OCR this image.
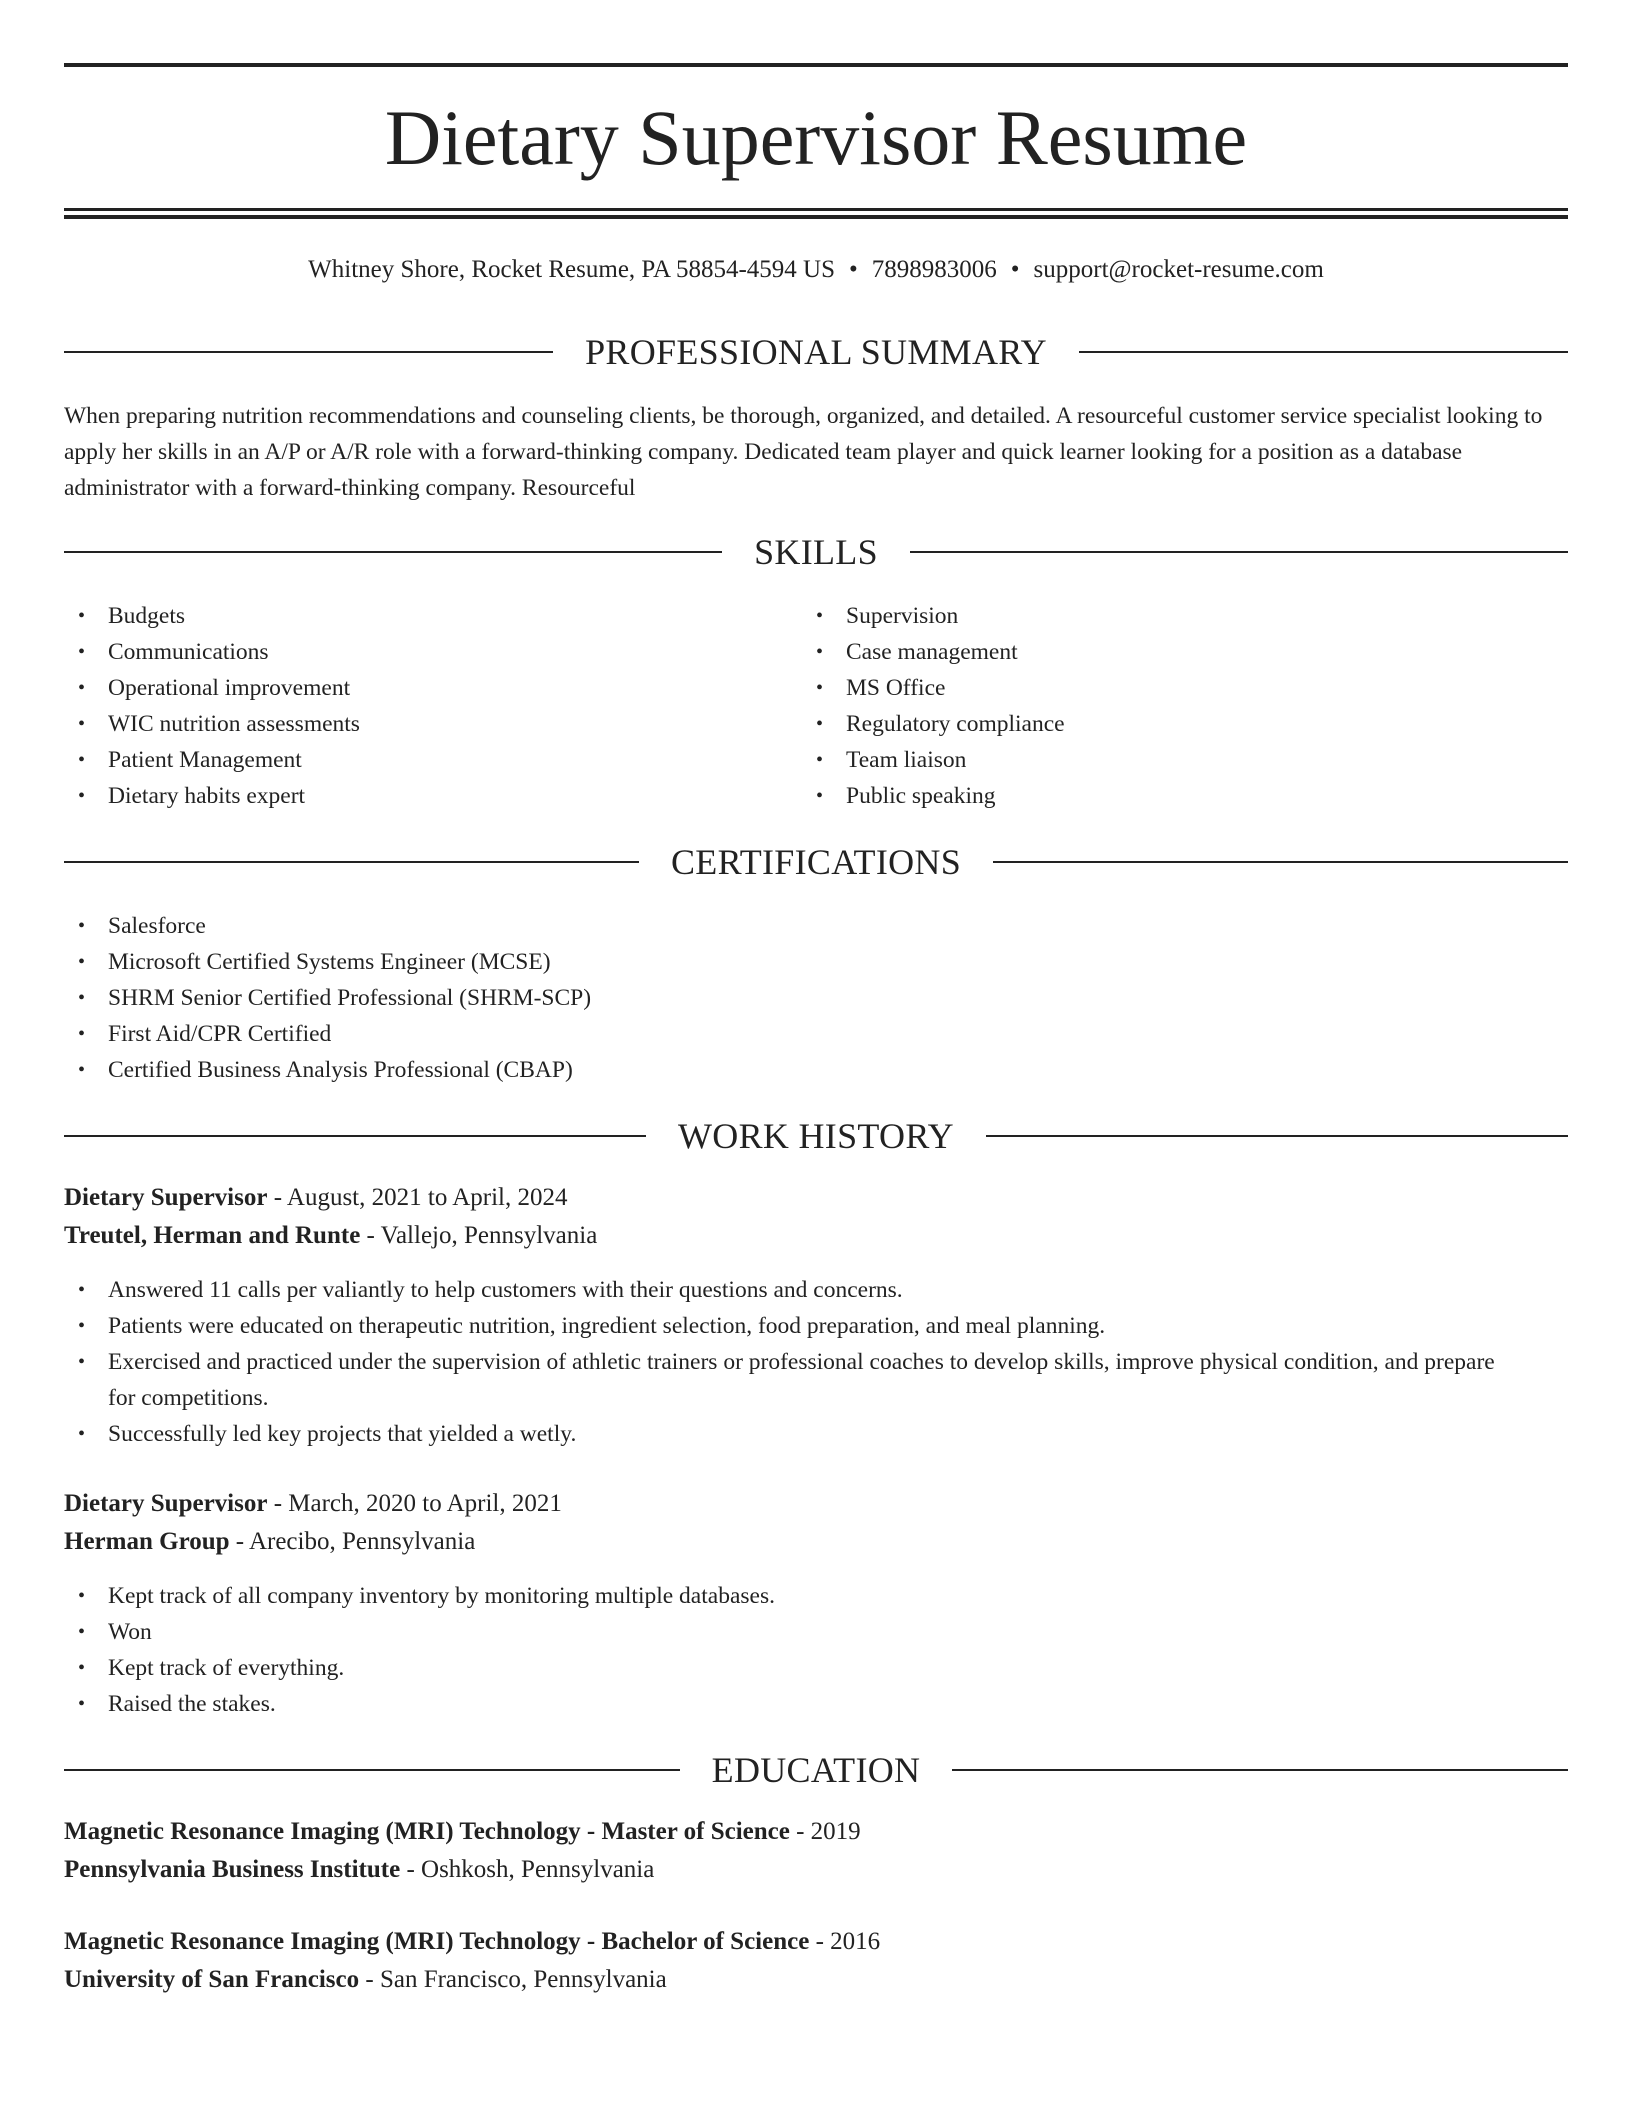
Dietary Supervisor Resume
Whitney Shore, Rocket Resume, PA 58854-4594 US • 7898983006 • support@rocket-resume.com
PROFESSIONAL SUMMARY

When preparing nutrition recommendations and counseling clients, be thorough, organized, and detailed. A resourceful customer service specialist looking to apply her skills in an A/P or A/R role with a forward-thinking company. Dedicated team player and quick learner looking for a position as a database administrator with a forward-thinking company. Resourceful

SKILLS
• Budgets
• Communications
• Operational improvement
• WIC nutrition assessments
• Patient Management
• Dietary habits expert
• Supervision
• Case management
• MS Office
• Regulatory compliance
• Team liaison
• Public speaking
CERTIFICATIONS
• Salesforce
• Microsoft Certified Systems Engineer (MCSE)
• SHRM Senior Certified Professional (SHRM-SCP)
• First Aid/CPR Certified
• Certified Business Analysis Professional (CBAP)
WORK HISTORY
Dietary Supervisor - August, 2021 to April, 2024
Treutel, Herman and Runte - Vallejo, Pennsylvania
• Answered 11 calls per valiantly to help customers with their questions and concerns.
• Patients were educated on therapeutic nutrition, ingredient selection, food preparation, and meal planning.
• Exercised and practiced under the supervision of athletic trainers or professional coaches to develop skills, improve physical condition, and prepare for competitions.
• Successfully led key projects that yielded a wetly.
Dietary Supervisor - March, 2020 to April, 2021
Herman Group - Arecibo, Pennsylvania
• Kept track of all company inventory by monitoring multiple databases.
• Won
• Kept track of everything.
• Raised the stakes.
EDUCATION
Magnetic Resonance Imaging (MRI) Technology - Master of Science - 2019
Pennsylvania Business Institute - Oshkosh, Pennsylvania
Magnetic Resonance Imaging (MRI) Technology - Bachelor of Science - 2016
University of San Francisco - San Francisco, Pennsylvania
